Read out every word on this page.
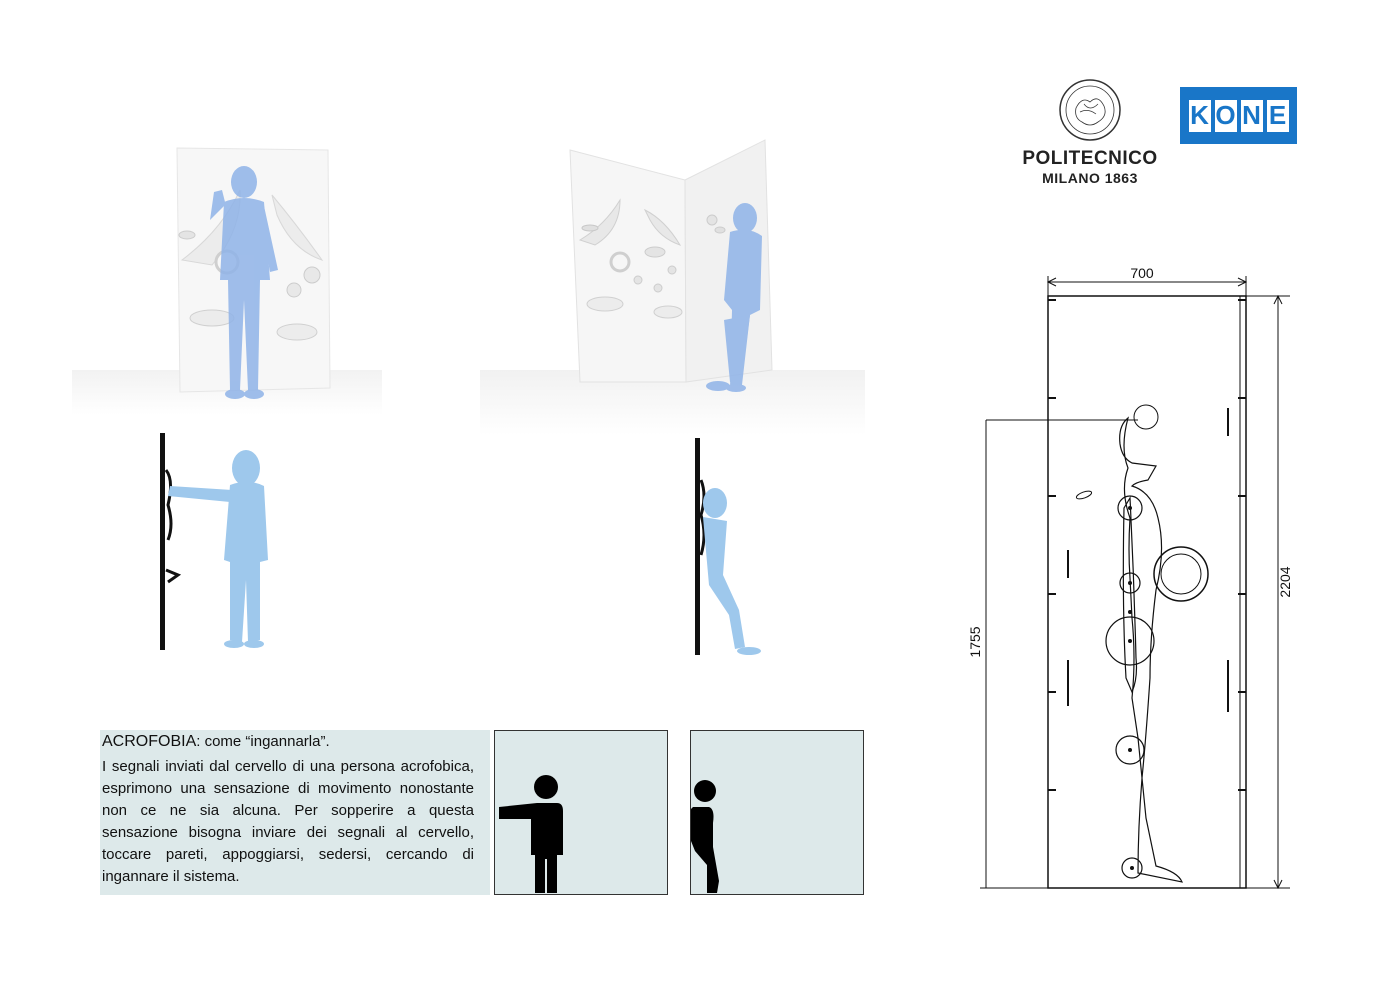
POLITECNICO
MILANO 1863
K O N E
700
2204
1755
ACROFOBIA: come “ingannarla”.
I segnali inviati dal cervello di una persona acrofobica, esprimono una sensazione di movimento nonostante non ce ne sia alcuna. Per sopperire a questa sensazione bisogna inviare dei segnali al cervello, toccare pareti, appoggiarsi, sedersi, cercando di ingannare il sistema.
